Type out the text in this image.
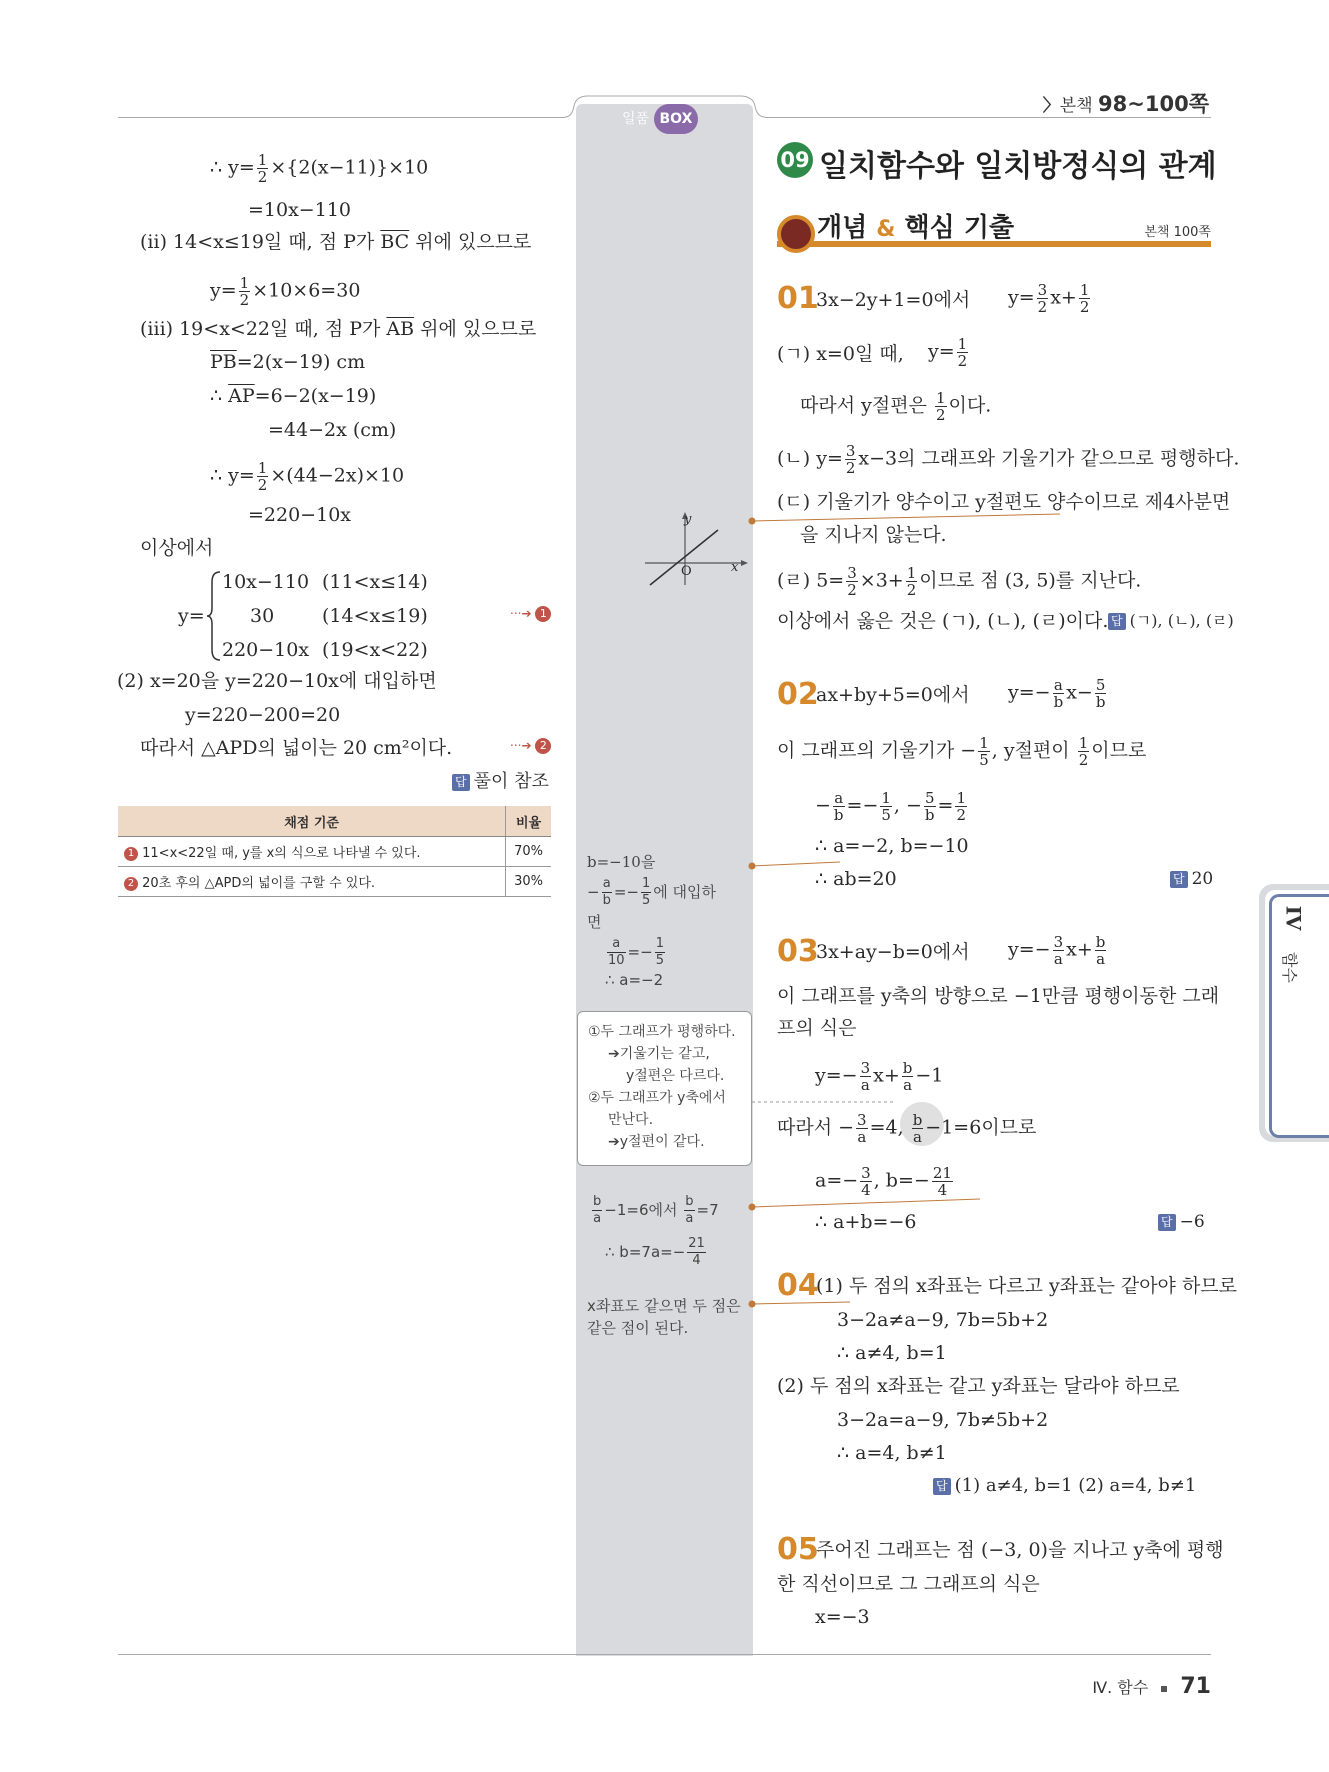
〉본책 98~100쪽
일품 BOX
∴ $y= \frac{1}{2} \times\{2(x-11)\}\times 10$
=10x−110
(ii) 14<x≤19일 때, 점 P가 $\overline{BC}$ 위에 있으므로
$y= \frac{1}{2} \times 10\times 6=30$
(iii) 19<x<22일 때, 점 P가 $\overline{AB}$ 위에 있으므로
$\overline{PB}=2(x-19)$ cm
∴ $\overline{AP}=6-2(x-19)$
=44−2x (cm)
∴ $y= \frac{1}{2} \times(44-2x)\times 10$
=220−10x
이상에서
y=
10x−110 (11<x≤14)
30	(14<x≤19)
220−10x (19<x<22)
···➔ 1
(2) x=20을 y=220−10x에 대입하면
y=220−200=20
따라서 △APD의 넓이는 20 cm²이다.	···➔ 2
답 풀이 참조
채점 기준	비율
1 11<x<22일 때, y를 x의 식으로 나타낼 수 있다.	70%
2 20초 후의 △APD의 넓이를 구할 수 있다.	30%
y
x
O
b=−10을
− $\frac{a}{b} =- \frac{1}{5}$ 에 대입하
면
$\frac{a}{10} =- \frac{1}{5}$
∴ a=−2
①두 그래프가 평행하다.
➔기울기는 같고,
y절편은 다르다.
②두 그래프가 y축에서
만난다.
➔y절편이 같다.
$\frac{b}{a} -1=6$에서 $\frac{b}{a} =7$
∴ $b=7a=- \frac{21}{4}$
x좌표도 같으면 두 점은
같은 점이 된다.
09 일치함수와 일치방정식의 관계
개념 & 핵심 기출	본책 100쪽
01
3x−2y+1=0에서 $y= \frac{3}{2} x+ \frac{1}{2}$
(ㄱ) x=0일 때, $y= \frac{1}{2}$
따라서 y절편은 $\frac{1}{2}$ 이다.
(ㄴ) $y= \frac{3}{2} x-3$의 그래프와 기울기가 같으므로 평행하다.
(ㄷ) 기울기가 양수이고 y절편도 양수이므로 제4사분면
을 지나지 않는다.
(ㄹ) $5= \frac{3}{2} \times 3+ \frac{1}{2}$ 이므로 점 (3, 5)를 지난다.
이상에서 옳은 것은 (ㄱ), (ㄴ), (ㄹ)이다. 답 (ㄱ), (ㄴ), (ㄹ)
02
ax+by+5=0에서 $y=- \frac{a}{b} x- \frac{5}{b}$
이 그래프의 기울기가 − $\frac{1}{5}$ , y절편이 $\frac{1}{2}$ 이므로
− $\frac{a}{b} =- \frac{1}{5}$ , − $\frac{5}{b} = \frac{1}{2}$
∴ a=−2, b=−10
∴ ab=20	답 20
03
3x+ay−b=0에서 $y=- \frac{3}{a} x+ \frac{b}{a}$
이 그래프를 y축의 방향으로 −1만큼 평행이동한 그래
프의 식은
$y=- \frac{3}{a} x+ \frac{b}{a} -1$
따라서 − $\frac{3}{a} =4$, $\frac{b}{a} -1=6$이므로
$a=- \frac{3}{4}$ , $b=- \frac{21}{4}$
∴ a+b=−6	답 −6
04
(1) 두 점의 x좌표는 다르고 y좌표는 같아야 하므로
3−2a≠a−9, 7b=5b+2
∴ a≠4, b=1
(2) 두 점의 x좌표는 같고 y좌표는 달라야 하므로
3−2a=a−9, 7b≠5b+2
∴ a=4, b≠1
답 (1) a≠4, b=1 (2) a=4, b≠1
05
주어진 그래프는 점 (−3, 0)을 지나고 y축에 평행
한 직선이므로 그 그래프의 식은
x=−3
IV
함수
Ⅳ. 함수 71
